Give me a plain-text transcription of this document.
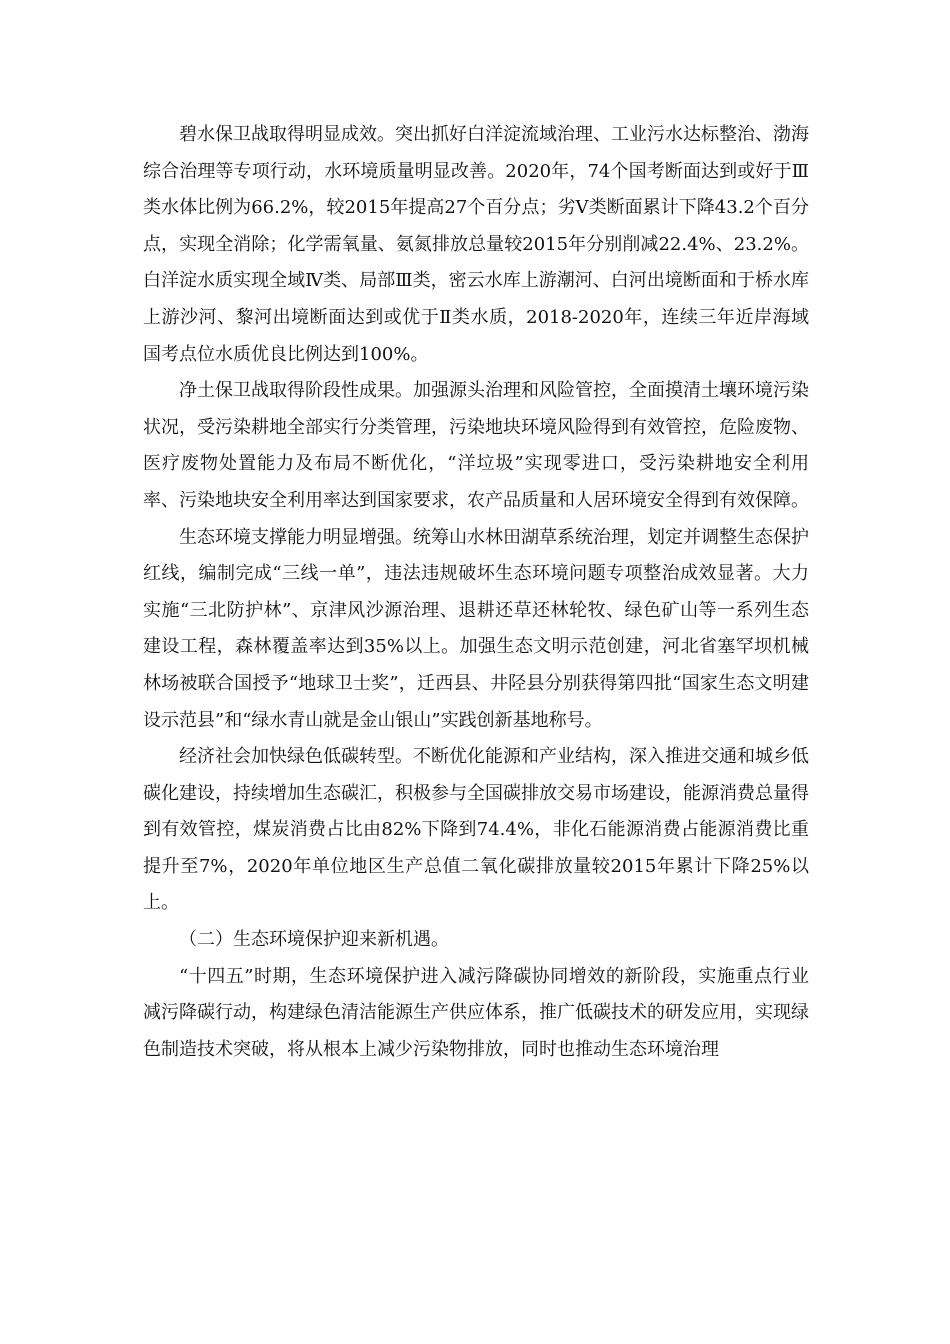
碧水保卫战取得明显成效。突出抓好白洋淀流域治理、工业污水达标整治、渤海综合治理等专项行动，水环境质量明显改善。2020年，74个国考断面达到或好于Ⅲ类水体比例为66.2%，较2015年提高27个百分点；劣Ⅴ类断面累计下降43.2个百分点，实现全消除；化学需氧量、氨氮排放总量较2015年分别削减22.4%、23.2%。白洋淀水质实现全域Ⅳ类、局部Ⅲ类，密云水库上游潮河、白河出境断面和于桥水库上游沙河、黎河出境断面达到或优于Ⅱ类水质，2018-2020年，连续三年近岸海域国考点位水质优良比例达到100%。

净土保卫战取得阶段性成果。加强源头治理和风险管控，全面摸清土壤环境污染状况，受污染耕地全部实行分类管理，污染地块环境风险得到有效管控，危险废物、医疗废物处置能力及布局不断优化，“洋垃圾”实现零进口，受污染耕地安全利用率、污染地块安全利用率达到国家要求，农产品质量和人居环境安全得到有效保障。

生态环境支撑能力明显增强。统筹山水林田湖草系统治理，划定并调整生态保护红线，编制完成“三线一单”，违法违规破坏生态环境问题专项整治成效显著。大力实施“三北防护林”、京津风沙源治理、退耕还草还林轮牧、绿色矿山等一系列生态建设工程，森林覆盖率达到35%以上。加强生态文明示范创建，河北省塞罕坝机械林场被联合国授予“地球卫士奖”，迁西县、井陉县分别获得第四批“国家生态文明建设示范县”和“绿水青山就是金山银山”实践创新基地称号。

经济社会加快绿色低碳转型。不断优化能源和产业结构，深入推进交通和城乡低碳化建设，持续增加生态碳汇，积极参与全国碳排放交易市场建设，能源消费总量得到有效管控，煤炭消费占比由82%下降到74.4%，非化石能源消费占能源消费比重提升至7%，2020年单位地区生产总值二氧化碳排放量较2015年累计下降25%以上。

（二）生态环境保护迎来新机遇。

“十四五”时期，生态环境保护进入减污降碳协同增效的新阶段，实施重点行业减污降碳行动，构建绿色清洁能源生产供应体系，推广低碳技术的研发应用，实现绿色制造技术突破，将从根本上减少污染物排放，同时也推动生态环境治理
